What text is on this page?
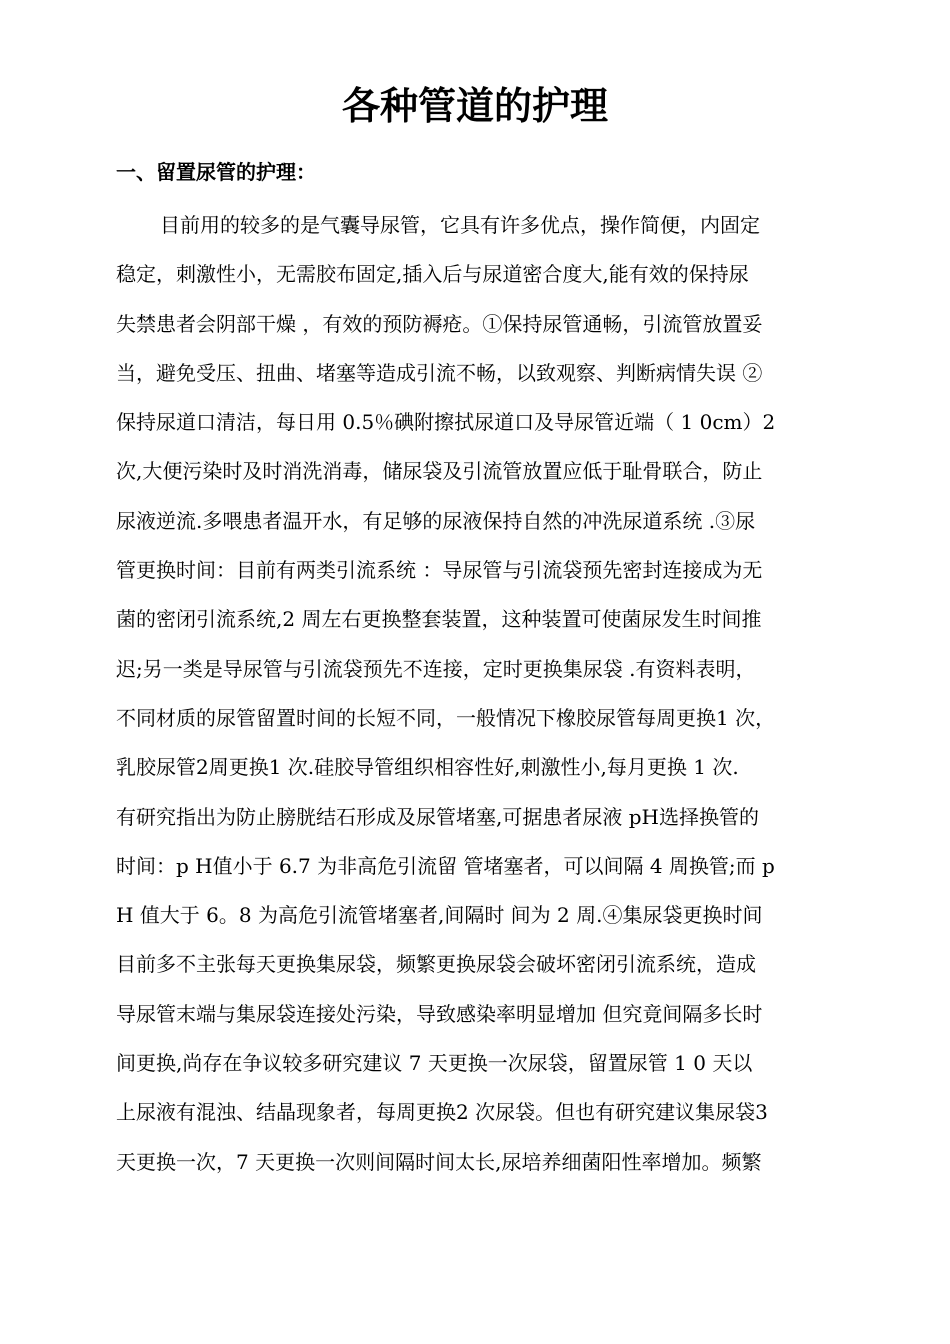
各种管道的护理
一、留置尿管的护理：
目前用的较多的是气囊导尿管，它具有许多优点，操作简便，内固定
稳定，刺激性小，无需胶布固定,插入后与尿道密合度大,能有效的保持尿
失禁患者会阴部干燥 ，有效的预防褥疮。①保持尿管通畅，引流管放置妥
当，避免受压、扭曲、堵塞等造成引流不畅，以致观察、判断病情失误 ②
保持尿道口清洁，每日用 0.5％碘附擦拭尿道口及导尿管近端（ 1 0cm）2
次,大便污染时及时消洗消毒，储尿袋及引流管放置应低于耻骨联合，防止
尿液逆流.多喂患者温开水，有足够的尿液保持自然的冲洗尿道系统 .③尿
管更换时间：目前有两类引流系统 ：导尿管与引流袋预先密封连接成为无
菌的密闭引流系统,2 周左右更换整套装置，这种装置可使菌尿发生时间推
迟;另一类是导尿管与引流袋预先不连接，定时更换集尿袋 .有资料表明，
不同材质的尿管留置时间的长短不同，一般情况下橡胶尿管每周更换1 次，
乳胶尿管2周更换1 次.硅胶导管组织相容性好,刺激性小,每月更换 1 次.
有研究指出为防止膀胱结石形成及尿管堵塞,可据患者尿液 pH选择换管的
时间：p H值小于 6.7 为非高危引流留 管堵塞者，可以间隔 4 周换管;而 p
H 值大于 6。8 为高危引流管堵塞者,间隔时 间为 2 周.④集尿袋更换时间
目前多不主张每天更换集尿袋，频繁更换尿袋会破坏密闭引流系统，造成
导尿管末端与集尿袋连接处污染，导致感染率明显增加 但究竟间隔多长时
间更换,尚存在争议较多研究建议 7 天更换一次尿袋，留置尿管 1 0 天以
上尿液有混浊、结晶现象者，每周更换2 次尿袋。但也有研究建议集尿袋3
天更换一次，7 天更换一次则间隔时间太长,尿培养细菌阳性率增加。频繁
